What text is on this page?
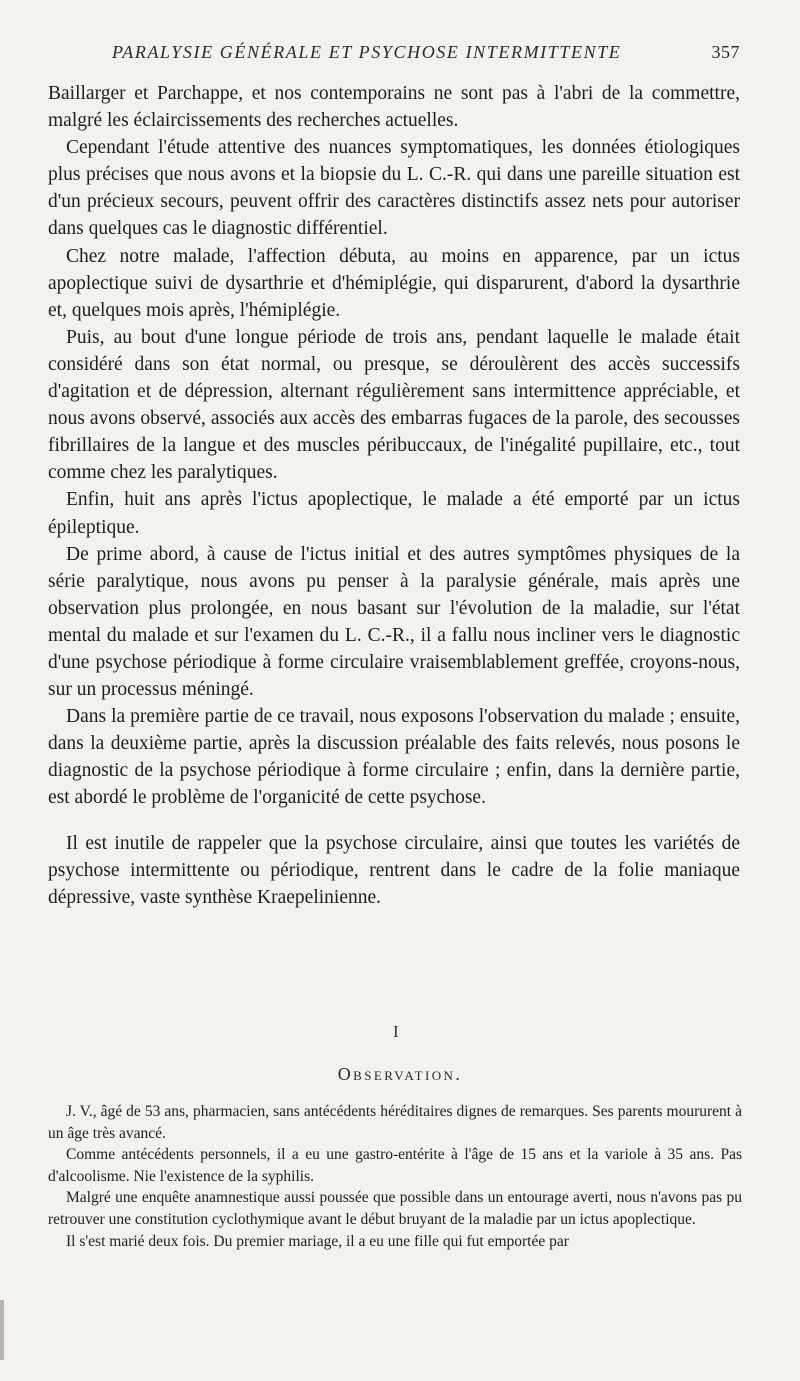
PARALYSIE GÉNÉRALE ET PSYCHOSE INTERMITTENTE	357

Baillarger et Parchappe, et nos contemporains ne sont pas à l'abri de la commettre, malgré les éclaircissements des recherches actuelles.

Cependant l'étude attentive des nuances symptomatiques, les données étiologiques plus précises que nous avons et la biopsie du L. C.-R. qui dans une pareille situation est d'un précieux secours, peuvent offrir des caractères distinctifs assez nets pour autoriser dans quelques cas le diagnostic différentiel.

Chez notre malade, l'affection débuta, au moins en apparence, par un ictus apoplectique suivi de dysarthrie et d'hémiplégie, qui disparurent, d'abord la dysarthrie et, quelques mois après, l'hémiplégie.

Puis, au bout d'une longue période de trois ans, pendant laquelle le malade était considéré dans son état normal, ou presque, se déroulèrent des accès successifs d'agitation et de dépression, alternant régulièrement sans intermittence appréciable, et nous avons observé, associés aux accès des embarras fugaces de la parole, des secousses fibrillaires de la langue et des muscles péribuccaux, de l'inégalité pupillaire, etc., tout comme chez les paralytiques.

Enfin, huit ans après l'ictus apoplectique, le malade a été emporté par un ictus épileptique.

De prime abord, à cause de l'ictus initial et des autres symptômes physiques de la série paralytique, nous avons pu penser à la paralysie générale, mais après une observation plus prolongée, en nous basant sur l'évolution de la maladie, sur l'état mental du malade et sur l'examen du L. C.-R., il a fallu nous incliner vers le diagnostic d'une psychose périodique à forme circulaire vraisemblablement greffée, croyons-nous, sur un processus méningé.

Dans la première partie de ce travail, nous exposons l'observation du malade ; ensuite, dans la deuxième partie, après la discussion préalable des faits relevés, nous posons le diagnostic de la psychose périodique à forme circulaire ; enfin, dans la dernière partie, est abordé le problème de l'organicité de cette psychose.

Il est inutile de rappeler que la psychose circulaire, ainsi que toutes les variétés de psychose intermittente ou périodique, rentrent dans le cadre de la folie maniaque dépressive, vaste synthèse Kraepelinienne.

I
Observation.

J. V., âgé de 53 ans, pharmacien, sans antécédents héréditaires dignes de remarques. Ses parents moururent à un âge très avancé.

Comme antécédents personnels, il a eu une gastro-entérite à l'âge de 15 ans et la variole à 35 ans. Pas d'alcoolisme. Nie l'existence de la syphilis.

Malgré une enquête anamnestique aussi poussée que possible dans un entourage averti, nous n'avons pas pu retrouver une constitution cyclothymique avant le début bruyant de la maladie par un ictus apoplectique.

Il s'est marié deux fois. Du premier mariage, il a eu une fille qui fut emportée par
